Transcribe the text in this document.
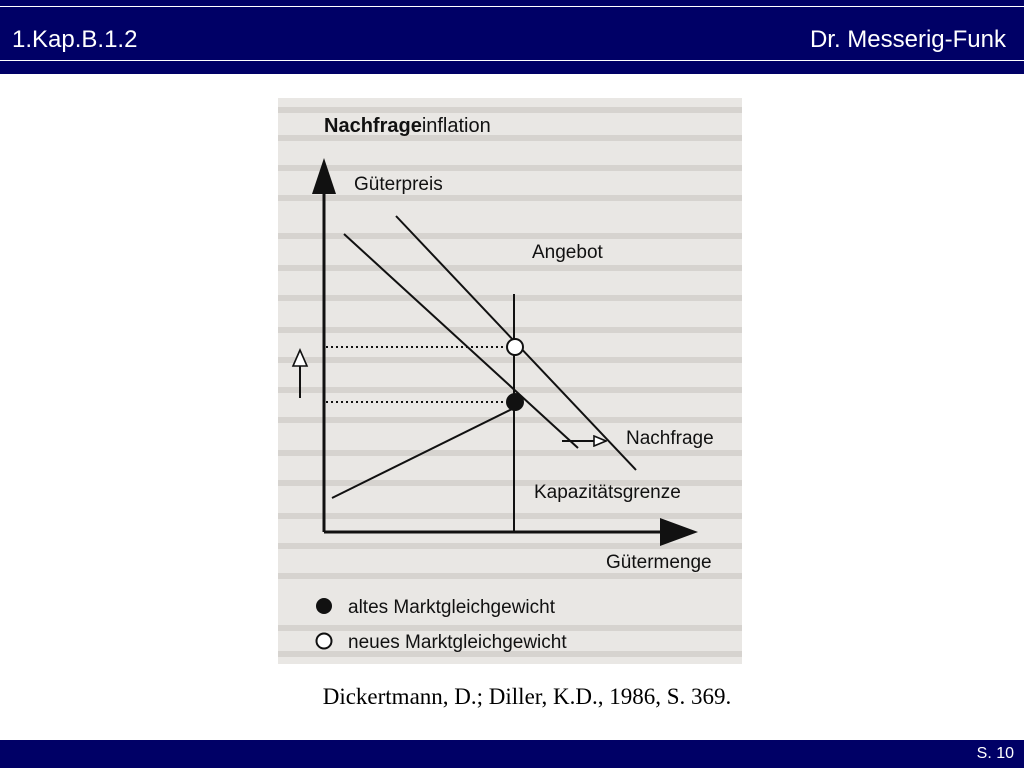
1.Kap.B.1.2	Dr. Messerig-Funk
Nachfrageinflation
Güterpreis
Gütermenge
Kapazitätsgrenze
Angebot
Nachfrage
altes Marktgleichgewicht
neues Marktgleichgewicht
Dickertmann, D.; Diller, K.D., 1986, S. 369.
S. 10
